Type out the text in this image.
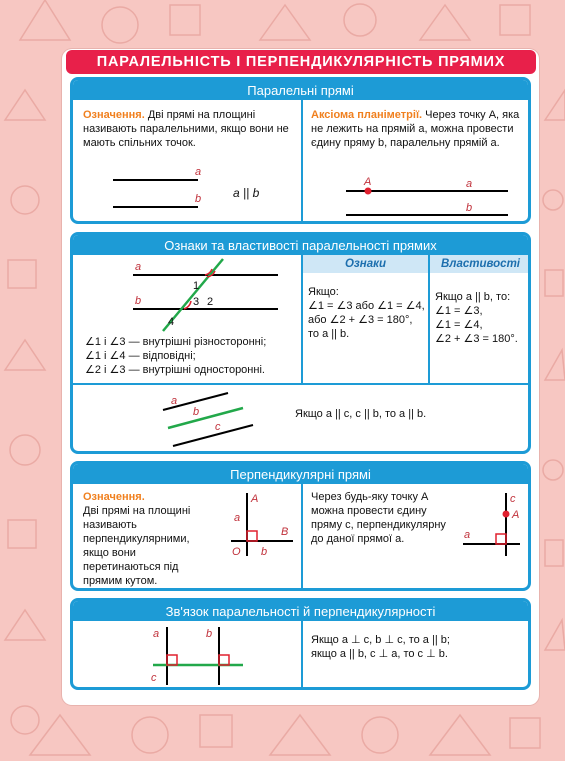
ПАРАЛЕЛЬНІСТЬ І ПЕРПЕНДИКУЛЯРНІСТЬ ПРЯМИХ
Паралельні прямі
Означення. Дві прямі на площині називають паралельними, якщо вони не мають спільних точок.
a
b	a || b
Аксіома планіметрії. Через точку A, яка не лежить на прямій a, можна провести єдину пряму b, паралельну прямій a.
A	a
b
Ознаки та властивості паралельності прямих
Ознаки	Властивості
a
b
1
2
3
4
∠1 і ∠3 — внутрішні різносторонні;
∠1 і ∠4 — відповідні;
∠2 і ∠3 — внутрішні односторонні.
Якщо:
∠1 = ∠3 або ∠1 = ∠4,
або ∠2 + ∠3 = 180°,
то a || b.
Якщо a || b, то:
∠1 = ∠3,
∠1 = ∠4,
∠2 + ∠3 = 180°.
a
b
c
Якщо a || c, c || b, то a || b.
Перпендикулярні прямі
Означення.
Дві прямі на площині називають перпендикулярними, якщо вони перетинаються під прямим кутом.
A
a
B
O b
Через будь-яку точку A можна провести єдину пряму c, перпендикулярну до даної прямої a.
c
A
a
Зв'язок паралельності й перпендикулярності
a	b
c
Якщо a ⊥ c, b ⊥ c, то a || b;
якщо a || b, c ⊥ a, то c ⊥ b.
